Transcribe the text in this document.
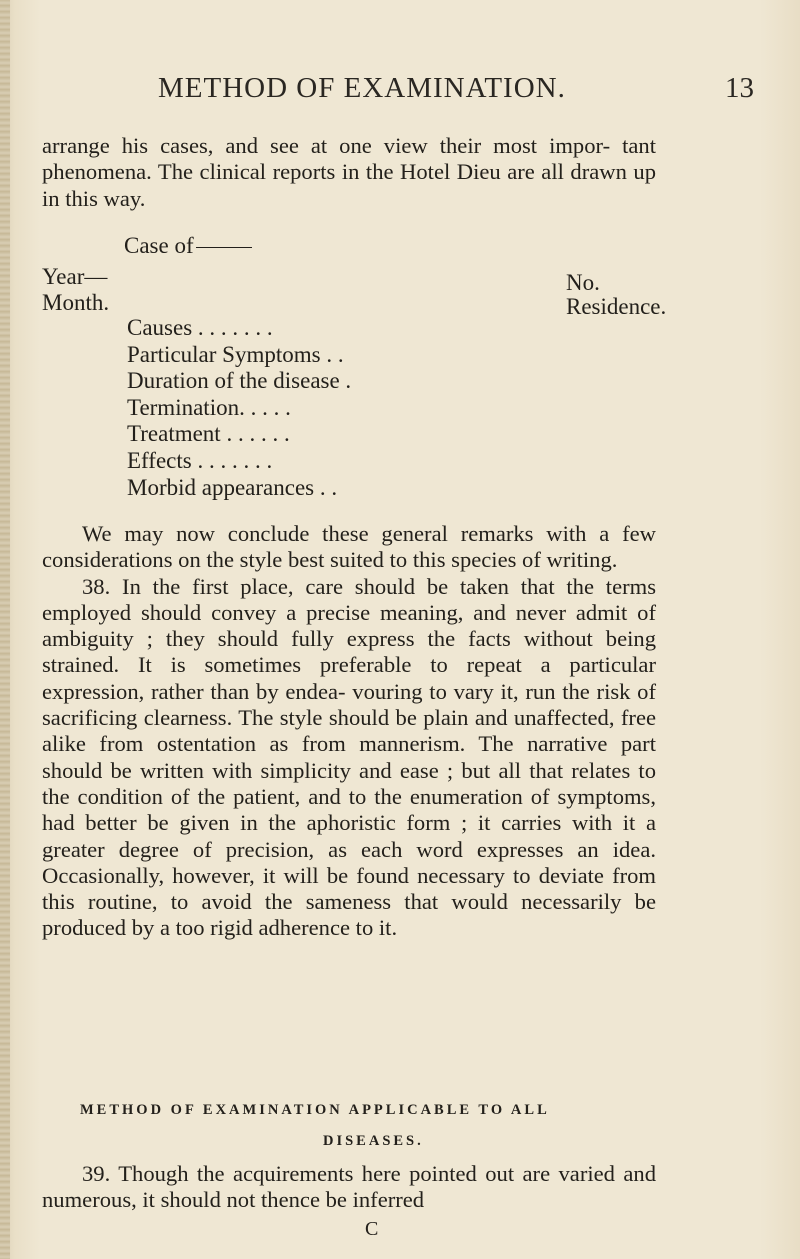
METHOD OF EXAMINATION.	13

arrange his cases, and see at one view their most impor- tant phenomena. The clinical reports in the Hotel Dieu are all drawn up in this way.

Case of
Year—
Month.
No.
Residence.
Causes . . . . . . .
Particular Symptoms . .
Duration of the disease .
Termination. . . . .
Treatment . . . . . .
Effects . . . . . . .
Morbid appearances . .

We may now conclude these general remarks with a few considerations on the style best suited to this species of writing.

38. In the first place, care should be taken that the terms employed should convey a precise meaning, and never admit of ambiguity ; they should fully express the facts without being strained. It is sometimes preferable to repeat a particular expression, rather than by endea- vouring to vary it, run the risk of sacrificing clearness. The style should be plain and unaffected, free alike from ostentation as from mannerism. The narrative part should be written with simplicity and ease ; but all that relates to the condition of the patient, and to the enumeration of symptoms, had better be given in the aphoristic form ; it carries with it a greater degree of precision, as each word expresses an idea. Occasionally, however, it will be found necessary to deviate from this routine, to avoid the sameness that would necessarily be produced by a too rigid adherence to it.

METHOD OF EXAMINATION APPLICABLE TO ALL
DISEASES.

39. Though the acquirements here pointed out are varied and numerous, it should not thence be inferred

C
